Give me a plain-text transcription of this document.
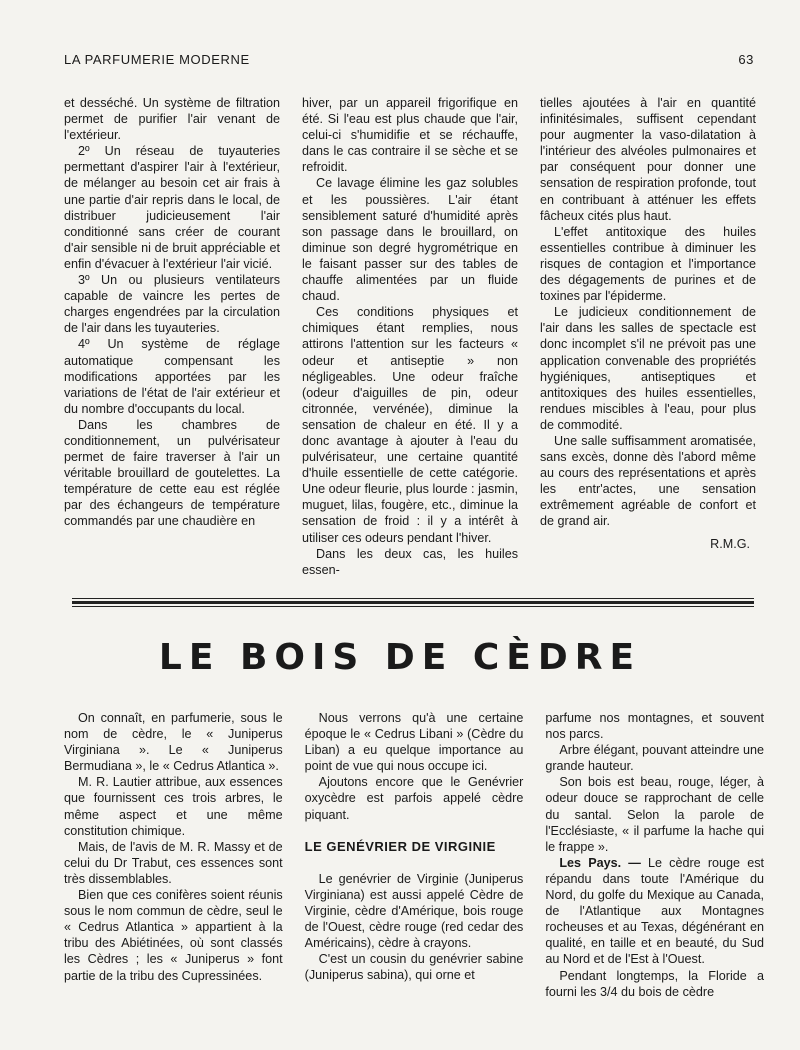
LA PARFUMERIE MODERNE	63

et desséché. Un système de filtration permet de purifier l'air venant de l'extérieur.

2º Un réseau de tuyauteries permettant d'aspirer l'air à l'extérieur, de mélanger au besoin cet air frais à une partie d'air repris dans le local, de distribuer judicieusement l'air conditionné sans créer de courant d'air sensible ni de bruit appréciable et enfin d'évacuer à l'extérieur l'air vicié.

3º Un ou plusieurs ventilateurs capable de vaincre les pertes de charges engendrées par la circulation de l'air dans les tuyauteries.

4º Un système de réglage automatique compensant les modifications apportées par les variations de l'état de l'air extérieur et du nombre d'occupants du local.

Dans les chambres de conditionnement, un pulvérisateur permet de faire traverser à l'air un véritable brouillard de goutelettes. La température de cette eau est réglée par des échangeurs de température commandés par une chaudière en

hiver, par un appareil frigorifique en été. Si l'eau est plus chaude que l'air, celui-ci s'humidifie et se réchauffe, dans le cas contraire il se sèche et se refroidit.

Ce lavage élimine les gaz solubles et les poussières. L'air étant sensiblement saturé d'humidité après son passage dans le brouillard, on diminue son degré hygrométrique en le faisant passer sur des tables de chauffe alimentées par un fluide chaud.

Ces conditions physiques et chimiques étant remplies, nous attirons l'attention sur les facteurs « odeur et antiseptie » non négligeables. Une odeur fraîche (odeur d'aiguilles de pin, odeur citronnée, vervénée), diminue la sensation de chaleur en été. Il y a donc avantage à ajouter à l'eau du pulvérisateur, une certaine quantité d'huile essentielle de cette catégorie. Une odeur fleurie, plus lourde : jasmin, muguet, lilas, fougère, etc., diminue la sensation de froid : il y a intérêt à utiliser ces odeurs pendant l'hiver.

Dans les deux cas, les huiles essen-

tielles ajoutées à l'air en quantité infinitésimales, suffisent cependant pour augmenter la vaso-dilatation à l'intérieur des alvéoles pulmonaires et par conséquent pour donner une sensation de respiration profonde, tout en contribuant à atténuer les effets fâcheux cités plus haut.

L'effet antitoxique des huiles essentielles contribue à diminuer les risques de contagion et l'importance des dégagements de purines et de toxines par l'épiderme.

Le judicieux conditionnement de l'air dans les salles de spectacle est donc incomplet s'il ne prévoit pas une application convenable des propriétés hygiéniques, antiseptiques et antitoxiques des huiles essentielles, rendues miscibles à l'eau, pour plus de commodité.

Une salle suffisamment aromatisée, sans excès, donne dès l'abord même au cours des représentations et après les entr'actes, une sensation extrêmement agréable de confort et de grand air.

R.M.G.

LE BOIS DE CÈDRE

On connaît, en parfumerie, sous le nom de cèdre, le « Juniperus Virginiana ». Le « Juniperus Bermudiana », le « Cedrus Atlantica ».

M. R. Lautier attribue, aux essences que fournissent ces trois arbres, le même aspect et une même constitution chimique.

Mais, de l'avis de M. R. Massy et de celui du Dr Trabut, ces essences sont très dissemblables.

Bien que ces conifères soient réunis sous le nom commun de cèdre, seul le « Cedrus Atlantica » appartient à la tribu des Abiétinées, où sont classés les Cèdres ; les « Juniperus » font partie de la tribu des Cupressinées.

Nous verrons qu'à une certaine époque le « Cedrus Libani » (Cèdre du Liban) a eu quelque importance au point de vue qui nous occupe ici.

Ajoutons encore que le Genévrier oxycèdre est parfois appelé cèdre piquant.

LE GENÉVRIER DE VIRGINIE

Le genévrier de Virginie (Juniperus Virginiana) est aussi appelé Cèdre de Virginie, cèdre d'Amérique, bois rouge de l'Ouest, cèdre rouge (red cedar des Américains), cèdre à crayons.

C'est un cousin du genévrier sabine (Juniperus sabina), qui orne et

parfume nos montagnes, et souvent nos parcs.

Arbre élégant, pouvant atteindre une grande hauteur.

Son bois est beau, rouge, léger, à odeur douce se rapprochant de celle du santal. Selon la parole de l'Ecclésiaste, « il parfume la hache qui le frappe ».

Les Pays. — Le cèdre rouge est répandu dans toute l'Amérique du Nord, du golfe du Mexique au Canada, de l'Atlantique aux Montagnes rocheuses et au Texas, dégénérant en qualité, en taille et en beauté, du Sud au Nord et de l'Est à l'Ouest.

Pendant longtemps, la Floride a fourni les 3/4 du bois de cèdre
